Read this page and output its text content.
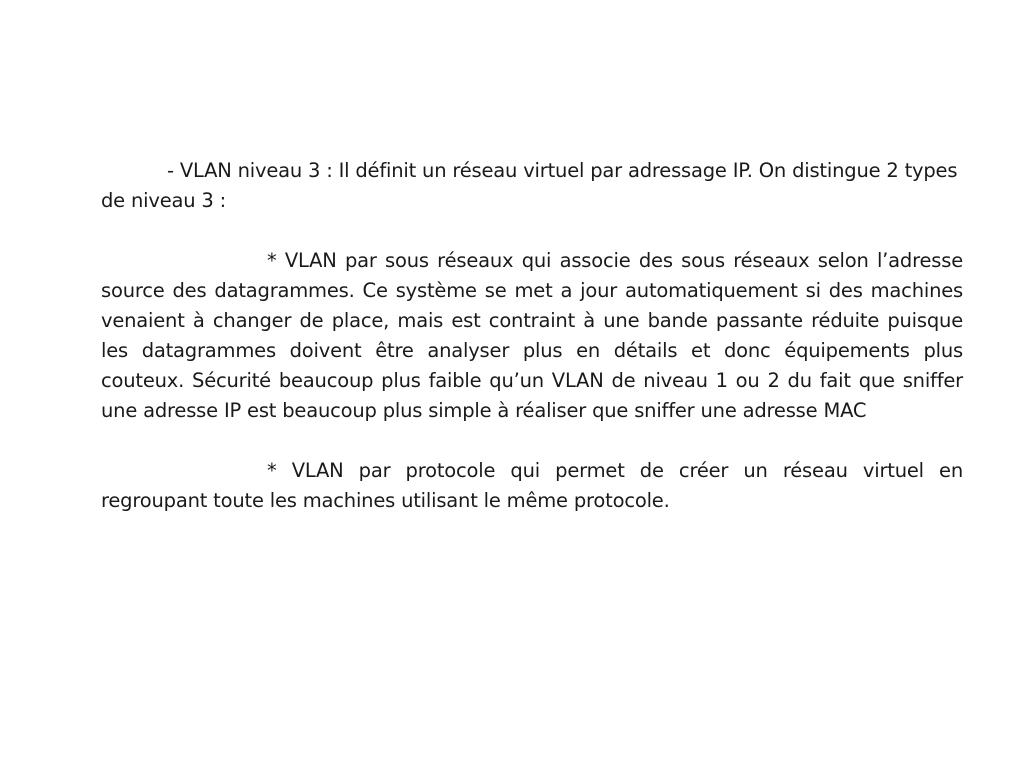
- VLAN niveau 3 : Il définit un réseau virtuel par adressage IP. On distingue 2 types de niveau 3 :

* VLAN par sous réseaux qui associe des sous réseaux selon l’adresse source des datagrammes. Ce système se met a jour automatiquement si des machines venaient à changer de place, mais est contraint à une bande passante réduite puisque les datagrammes doivent être analyser plus en détails et donc équipements plus couteux. Sécurité beaucoup plus faible qu’un VLAN de niveau 1 ou 2 du fait que sniffer une adresse IP est beaucoup plus simple à réaliser que sniffer une adresse MAC

* VLAN par protocole qui permet de créer un réseau virtuel en regroupant toute les machines utilisant le même protocole.
